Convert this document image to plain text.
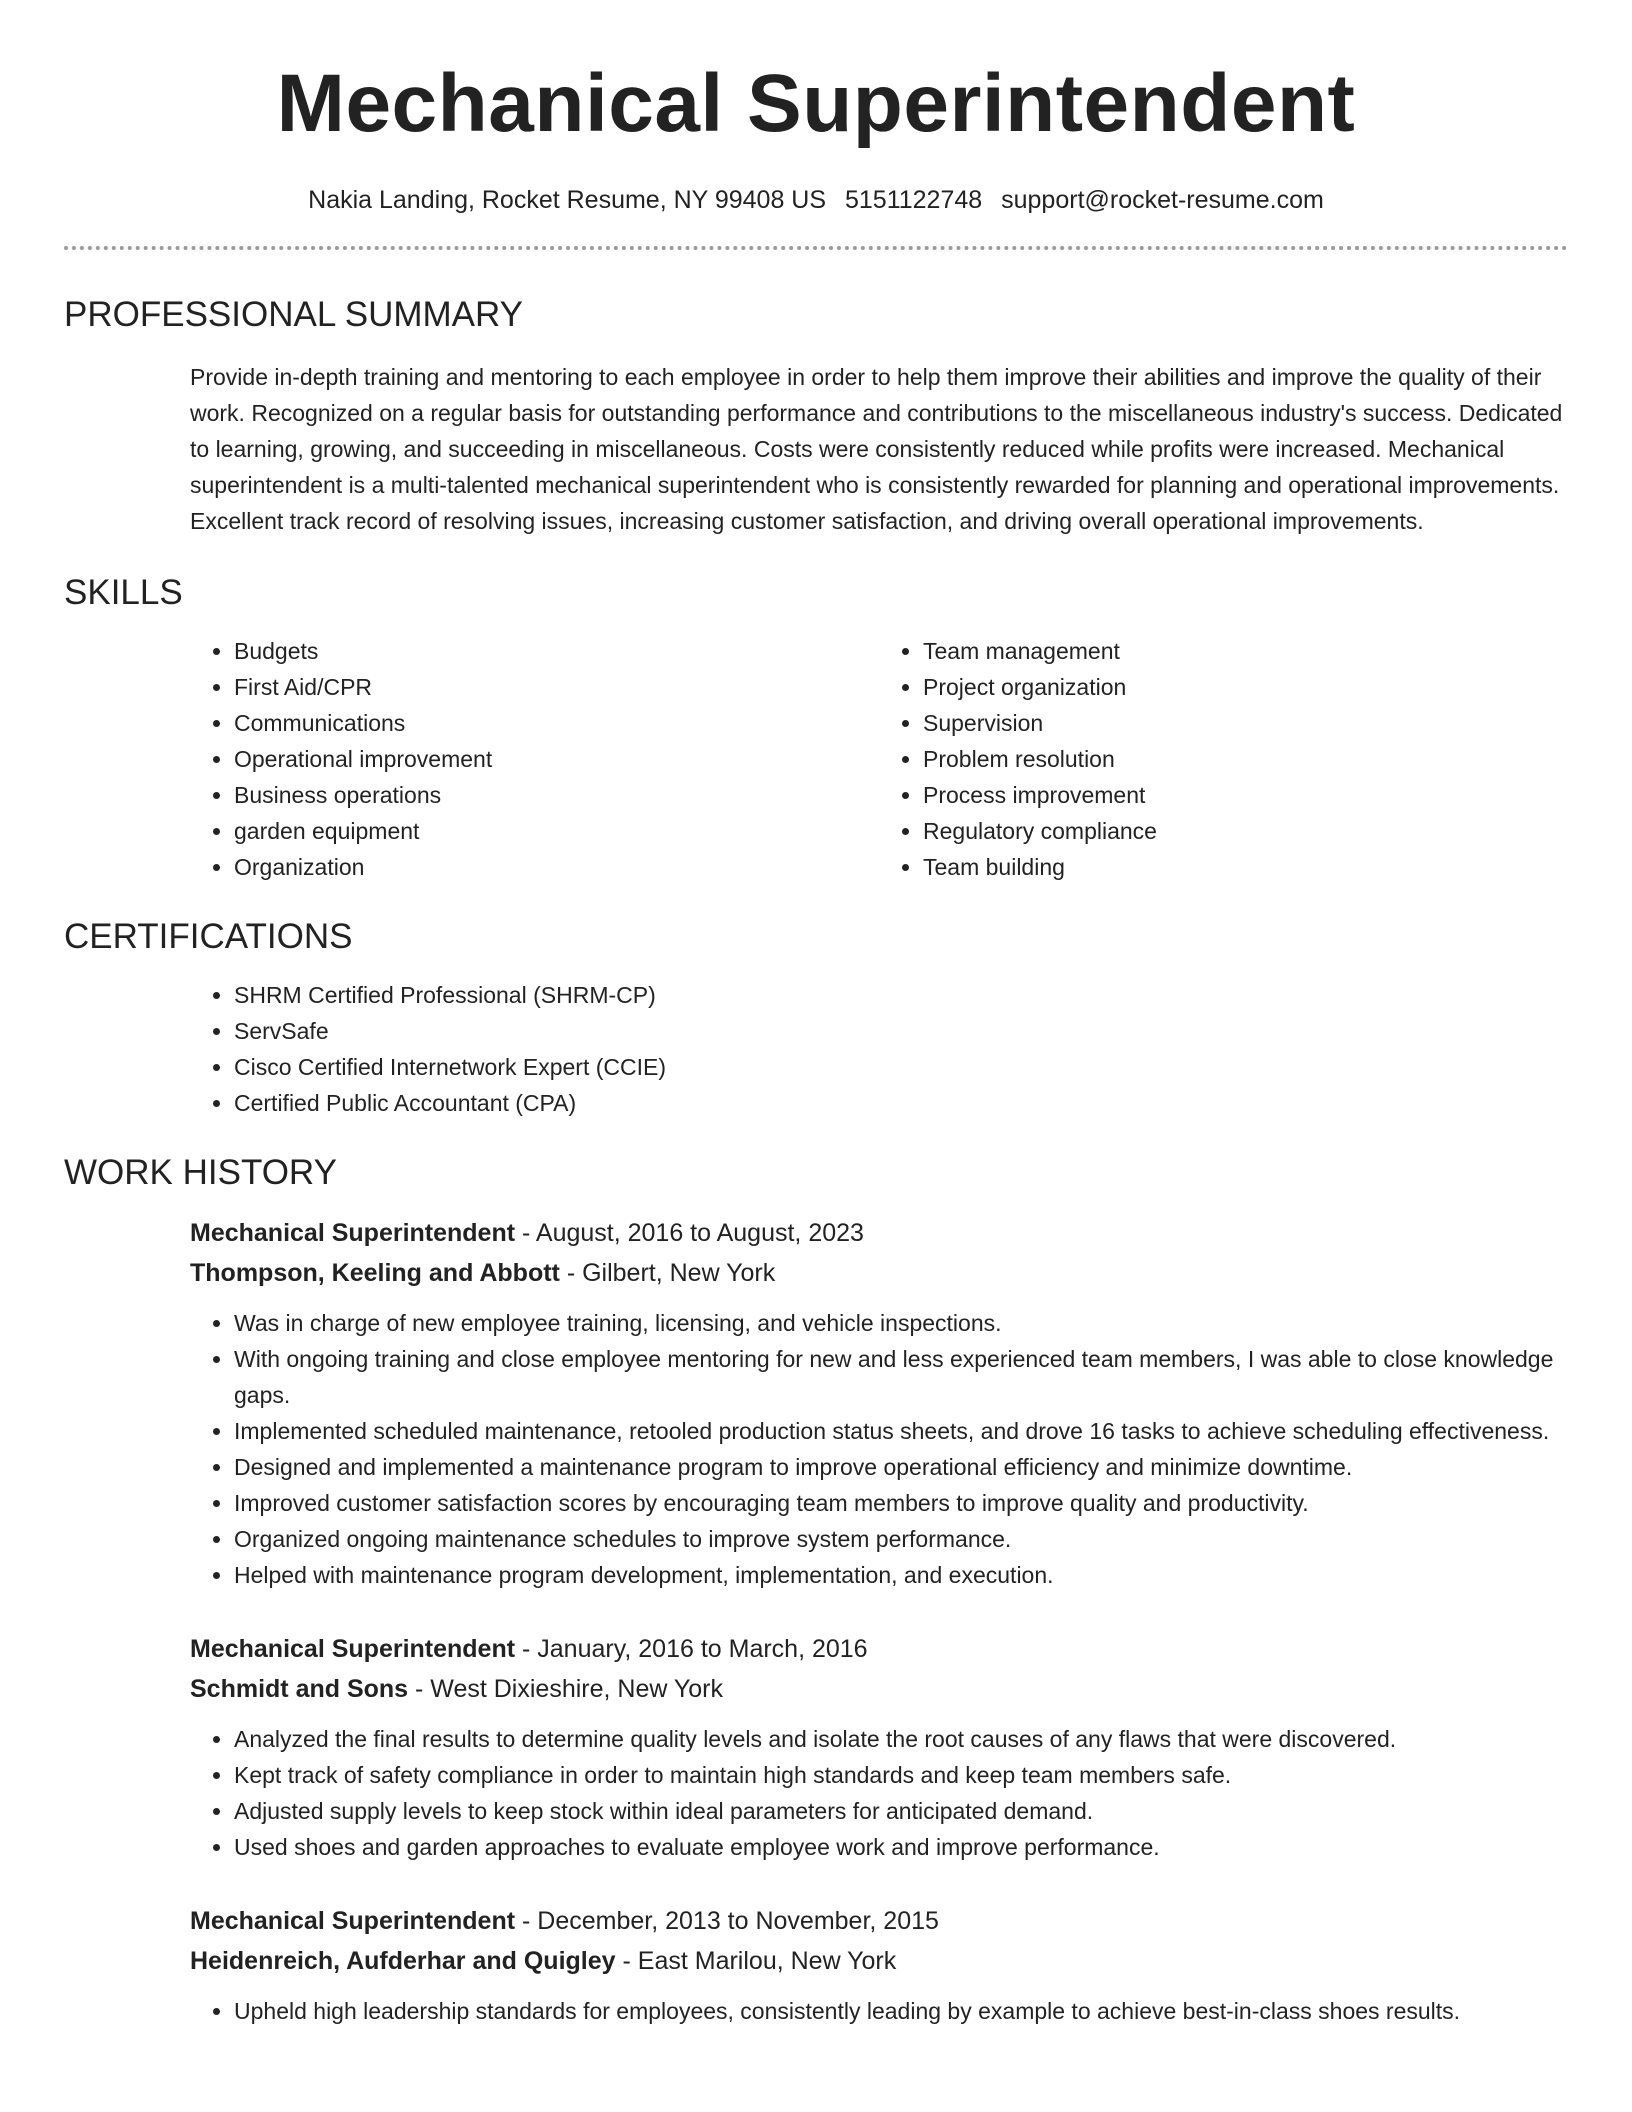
Mechanical Superintendent
Nakia Landing, Rocket Resume, NY 99408 US 5151122748 support@rocket-resume.com
PROFESSIONAL SUMMARY
Provide in-depth training and mentoring to each employee in order to help them improve their abilities and improve the quality of their work. Recognized on a regular basis for outstanding performance and contributions to the miscellaneous industry's success. Dedicated to learning, growing, and succeeding in miscellaneous. Costs were consistently reduced while profits were increased. Mechanical superintendent is a multi-talented mechanical superintendent who is consistently rewarded for planning and operational improvements. Excellent track record of resolving issues, increasing customer satisfaction, and driving overall operational improvements.
SKILLS
• Budgets
• First Aid/CPR
• Communications
• Operational improvement
• Business operations
• garden equipment
• Organization
• Team management
• Project organization
• Supervision
• Problem resolution
• Process improvement
• Regulatory compliance
• Team building
CERTIFICATIONS
• SHRM Certified Professional (SHRM-CP)
• ServSafe
• Cisco Certified Internetwork Expert (CCIE)
• Certified Public Accountant (CPA)
WORK HISTORY
Mechanical Superintendent - August, 2016 to August, 2023
Thompson, Keeling and Abbott - Gilbert, New York
• Was in charge of new employee training, licensing, and vehicle inspections.
• With ongoing training and close employee mentoring for new and less experienced team members, I was able to close knowledge gaps.
• Implemented scheduled maintenance, retooled production status sheets, and drove 16 tasks to achieve scheduling effectiveness.
• Designed and implemented a maintenance program to improve operational efficiency and minimize downtime.
• Improved customer satisfaction scores by encouraging team members to improve quality and productivity.
• Organized ongoing maintenance schedules to improve system performance.
• Helped with maintenance program development, implementation, and execution.
Mechanical Superintendent - January, 2016 to March, 2016
Schmidt and Sons - West Dixieshire, New York
• Analyzed the final results to determine quality levels and isolate the root causes of any flaws that were discovered.
• Kept track of safety compliance in order to maintain high standards and keep team members safe.
• Adjusted supply levels to keep stock within ideal parameters for anticipated demand.
• Used shoes and garden approaches to evaluate employee work and improve performance.
Mechanical Superintendent - December, 2013 to November, 2015
Heidenreich, Aufderhar and Quigley - East Marilou, New York
• Upheld high leadership standards for employees, consistently leading by example to achieve best-in-class shoes results.
